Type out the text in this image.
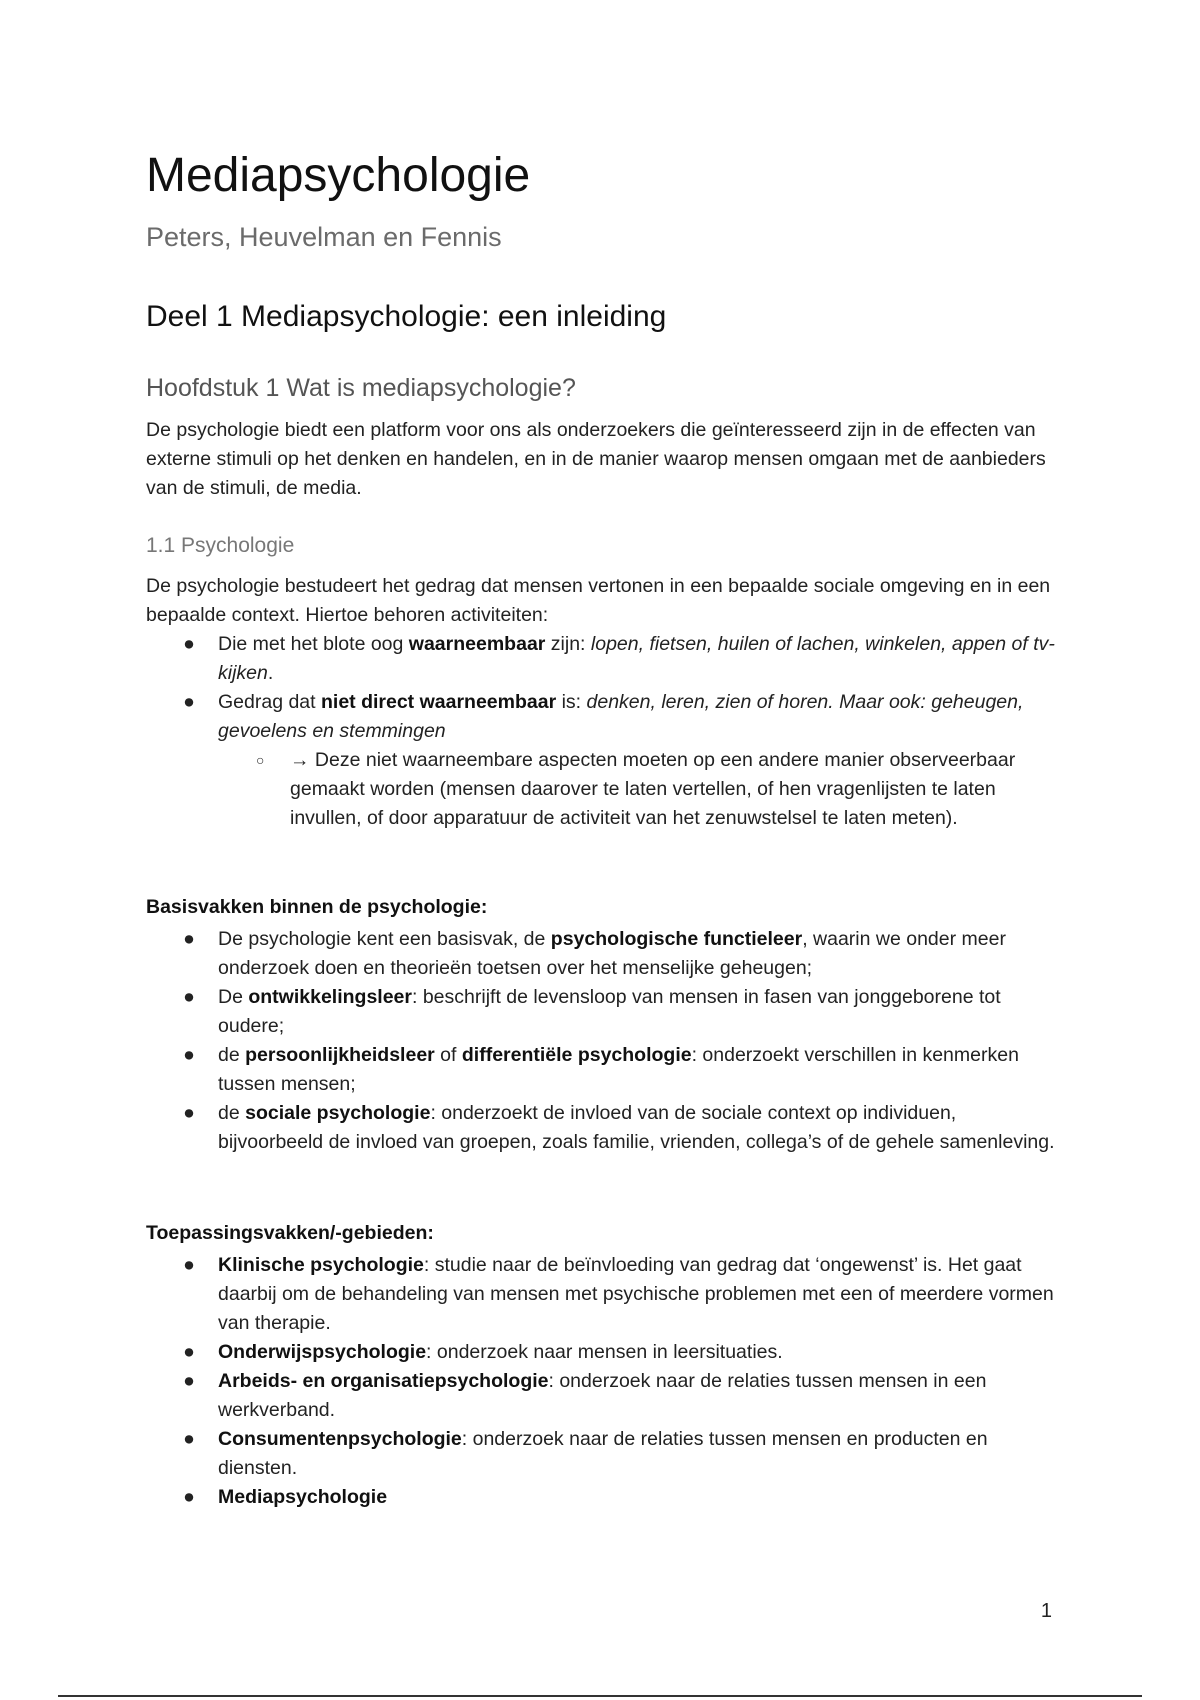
Mediapsychologie
Peters, Heuvelman en Fennis
Deel 1 Mediapsychologie: een inleiding
Hoofdstuk 1 Wat is mediapsychologie?
De psychologie biedt een platform voor ons als onderzoekers die geïnteresseerd zijn in de effecten van externe stimuli op het denken en handelen, en in de manier waarop mensen omgaan met de aanbieders van de stimuli, de media.
1.1 Psychologie
De psychologie bestudeert het gedrag dat mensen vertonen in een bepaalde sociale omgeving en in een bepaalde context. Hiertoe behoren activiteiten:
● Die met het blote oog waarneembaar zijn: lopen, fietsen, huilen of lachen, winkelen, appen of tv-kijken.
● Gedrag dat niet direct waarneembaar is: denken, leren, zien of horen. Maar ook: geheugen, gevoelens en stemmingen
○ → Deze niet waarneembare aspecten moeten op een andere manier observeerbaar gemaakt worden (mensen daarover te laten vertellen, of hen vragenlijsten te laten invullen, of door apparatuur de activiteit van het zenuwstelsel te laten meten).
Basisvakken binnen de psychologie:
● De psychologie kent een basisvak, de psychologische functieleer, waarin we onder meer onderzoek doen en theorieën toetsen over het menselijke geheugen;
● De ontwikkelingsleer: beschrijft de levensloop van mensen in fasen van jonggeborene tot oudere;
● de persoonlijkheidsleer of differentiële psychologie: onderzoekt verschillen in kenmerken tussen mensen;
● de sociale psychologie: onderzoekt de invloed van de sociale context op individuen, bijvoorbeeld de invloed van groepen, zoals familie, vrienden, collega’s of de gehele samenleving.
Toepassingsvakken/-gebieden:
● Klinische psychologie: studie naar de beïnvloeding van gedrag dat ‘ongewenst’ is. Het gaat daarbij om de behandeling van mensen met psychische problemen met een of meerdere vormen van therapie.
● Onderwijspsychologie: onderzoek naar mensen in leersituaties.
● Arbeids- en organisatiepsychologie: onderzoek naar de relaties tussen mensen in een werkverband.
● Consumentenpsychologie: onderzoek naar de relaties tussen mensen en producten en diensten.
● Mediapsychologie
1
